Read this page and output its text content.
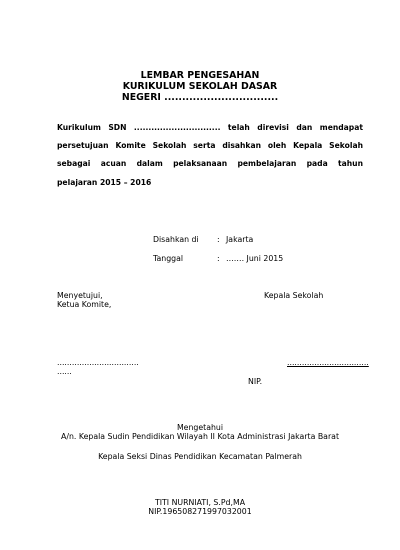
LEMBAR PENGESAHAN
KURIKULUM SEKOLAH DASAR
NEGERI ................................
Kurikulum SDN .............................. telah direvisi dan mendapat
persetujuan Komite Sekolah serta disahkan oleh Kepala Sekolah
sebagai acuan dalam pelaksanaan pembelajaran pada tahun
pelajaran 2015 – 2016
Disahkan di : Jakarta
Tanggal	: ……. Juni 2015
Menyetujui,
Ketua Komite,
Kepala Sekolah
.................................
......
.................................
NIP.
Mengetahui
A/n. Kepala Sudin Pendidikan Wilayah II Kota Administrasi Jakarta Barat
Kepala Seksi Dinas Pendidikan Kecamatan Palmerah
TITI NURNIATI, S.Pd,MA
NIP.196508271997032001
